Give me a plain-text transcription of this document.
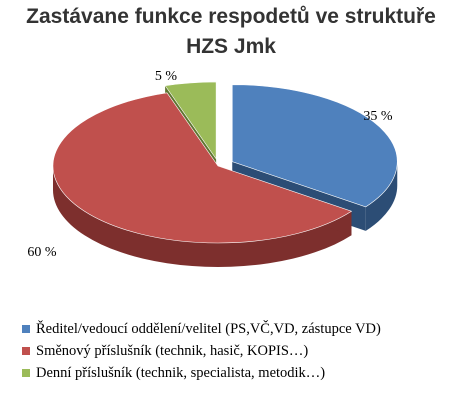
Zastávane funkce respodetů ve struktuře
HZS Jmk
35 %
60 %
5 %
Ředitel/vedoucí oddělení/velitel (PS,VČ,VD, zástupce VD)
Směnový příslušník (technik, hasič, KOPIS…)
Denní příslušník (technik, specialista, metodik…)
